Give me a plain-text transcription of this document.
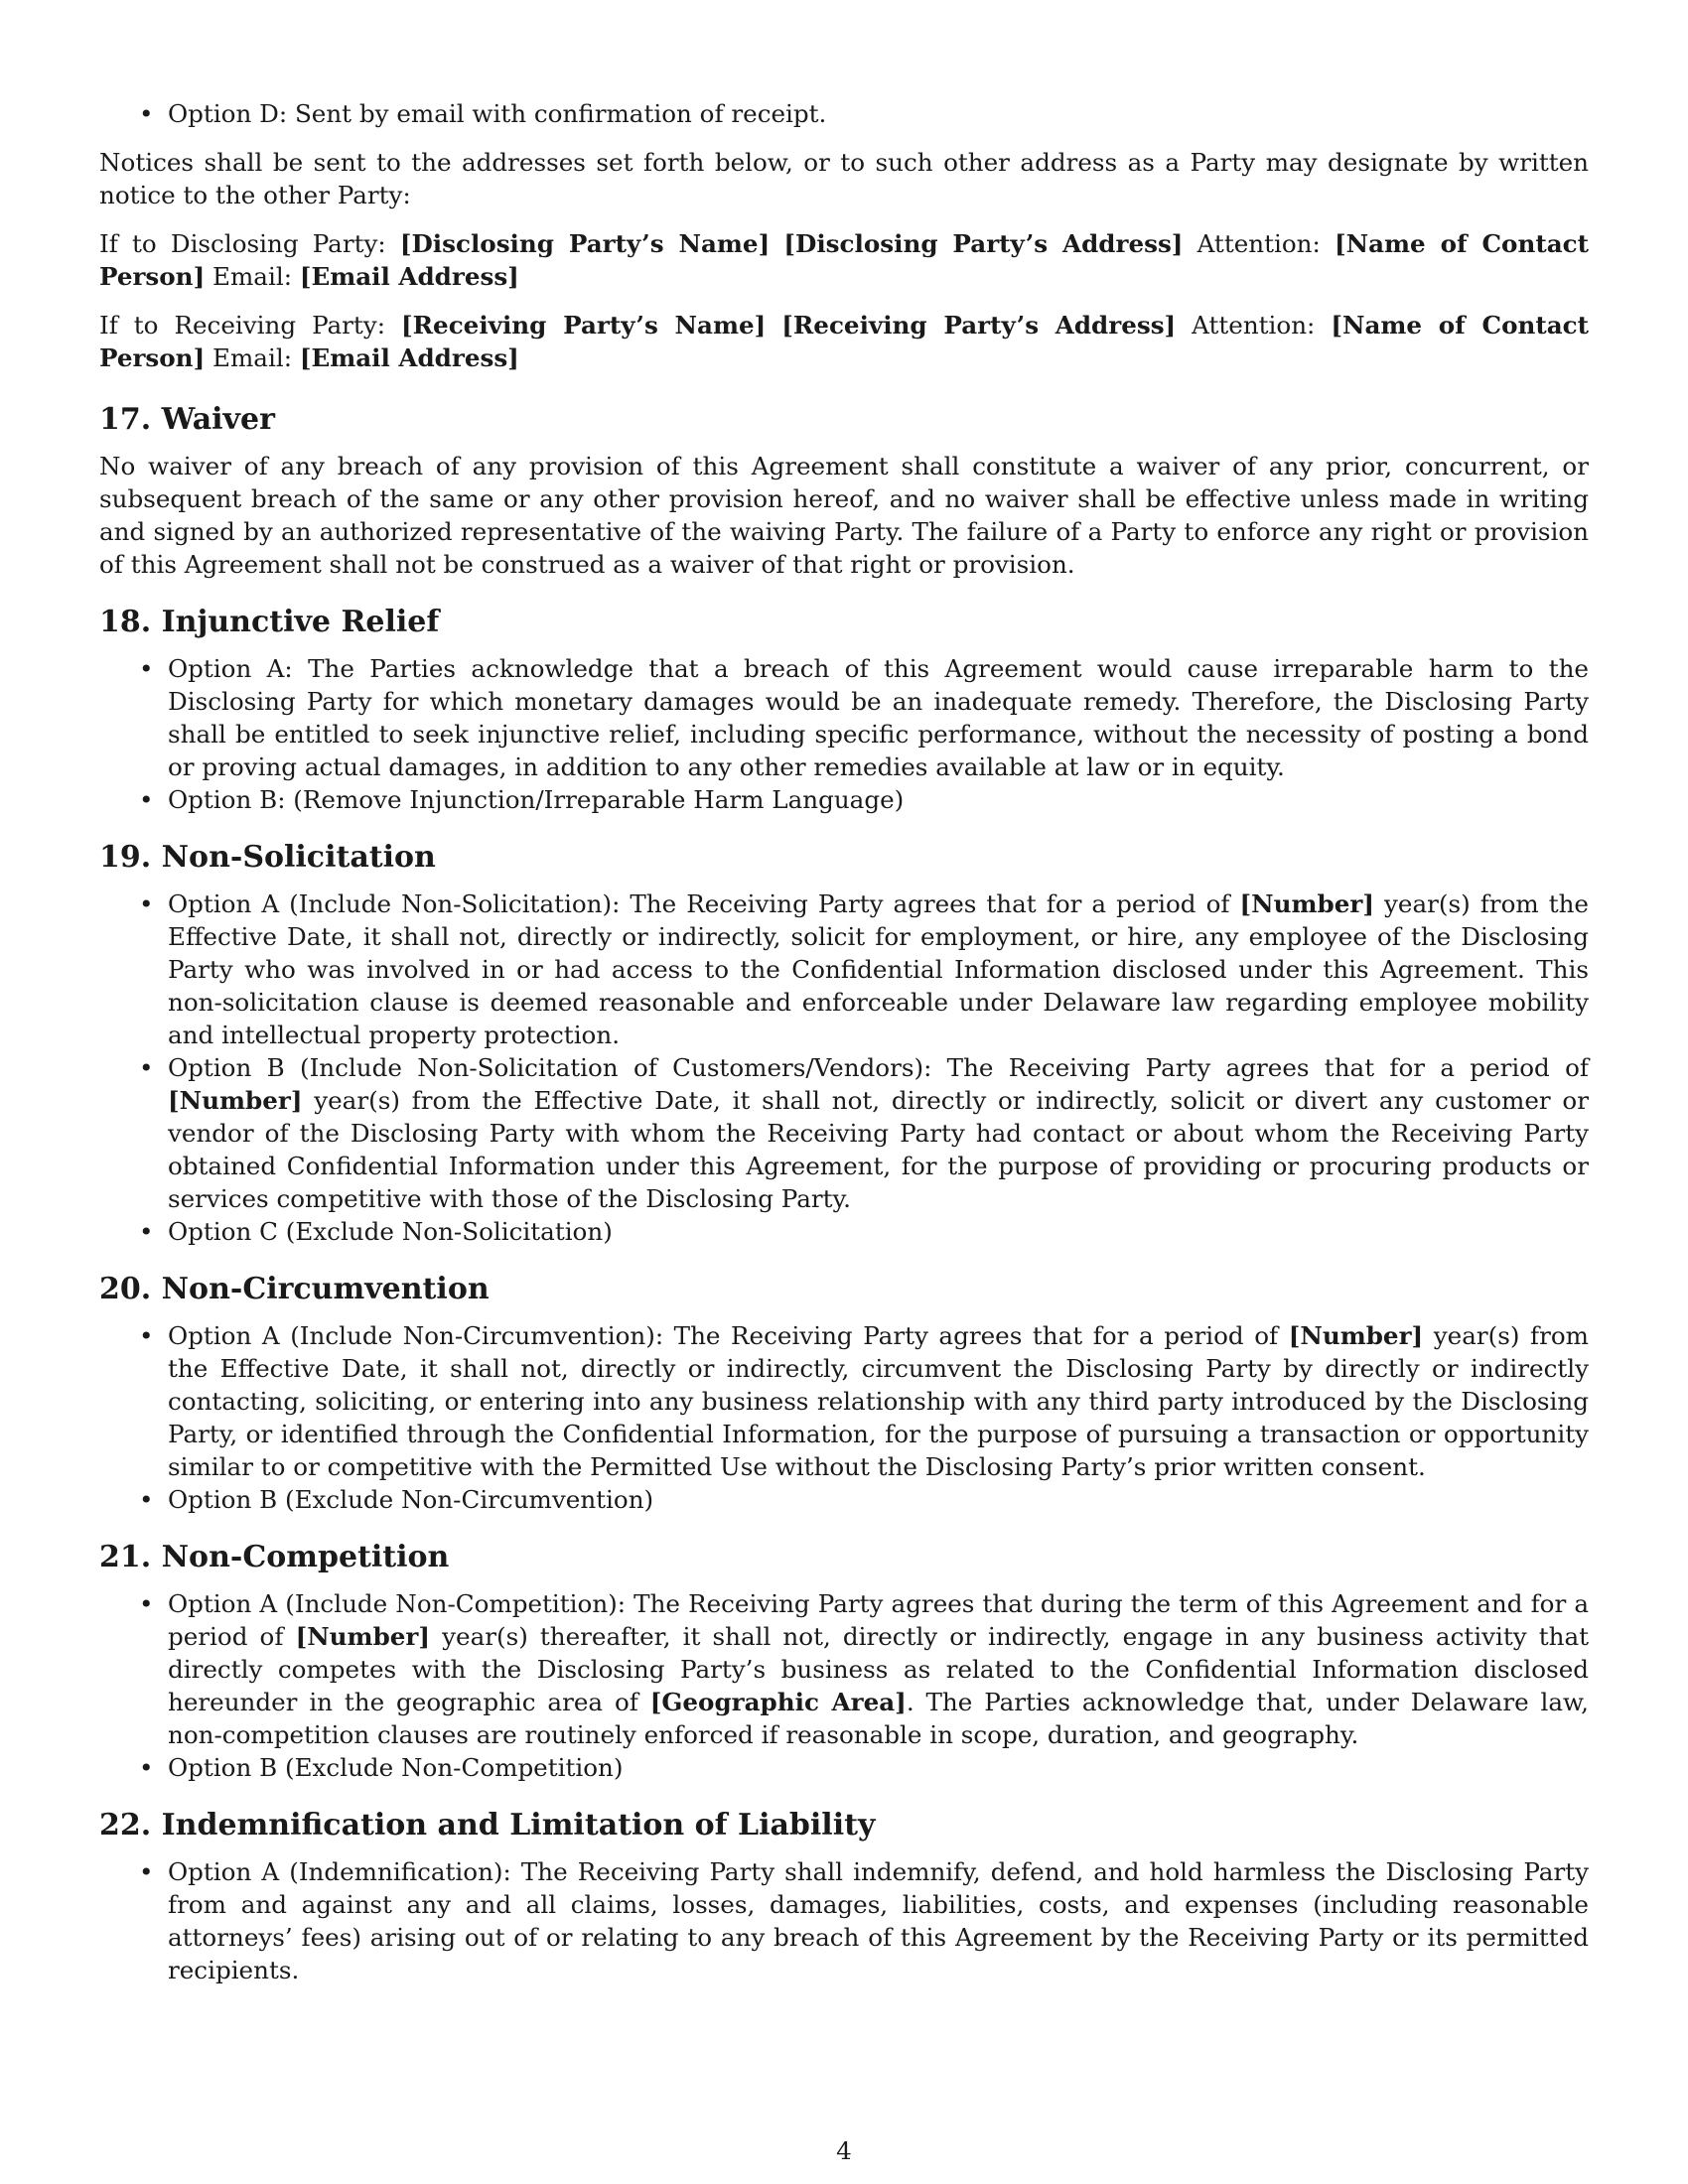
• Option D: Sent by email with confirmation of receipt.

Notices shall be sent to the addresses set forth below, or to such other address as a Party may designate by written notice to the other Party:

If to Disclosing Party: [Disclosing Party’s Name] [Disclosing Party’s Address] Attention: [Name of Contact Person] Email: [Email Address]

If to Receiving Party: [Receiving Party’s Name] [Receiving Party’s Address] Attention: [Name of Contact Person] Email: [Email Address]

17. Waiver

No waiver of any breach of any provision of this Agreement shall constitute a waiver of any prior, concurrent, or subsequent breach of the same or any other provision hereof, and no waiver shall be effective unless made in writing and signed by an authorized representative of the waiving Party. The failure of a Party to enforce any right or provision of this Agreement shall not be construed as a waiver of that right or provision.

18. Injunctive Relief
• Option A: The Parties acknowledge that a breach of this Agreement would cause irreparable harm to the Disclosing Party for which monetary damages would be an inadequate remedy. Therefore, the Disclosing Party shall be entitled to seek injunctive relief, including specific performance, without the necessity of posting a bond or proving actual damages, in addition to any other remedies available at law or in equity.
• Option B: (Remove Injunction/Irreparable Harm Language)
19. Non-Solicitation
• Option A (Include Non-Solicitation): The Receiving Party agrees that for a period of [Number] year(s) from the Effective Date, it shall not, directly or indirectly, solicit for employment, or hire, any employee of the Disclosing Party who was involved in or had access to the Confidential Information disclosed under this Agreement. This non-solicitation clause is deemed reasonable and enforceable under Delaware law regarding employee mobility and intellectual property protection.
• Option B (Include Non-Solicitation of Customers/Vendors): The Receiving Party agrees that for a period of [Number] year(s) from the Effective Date, it shall not, directly or indirectly, solicit or divert any customer or vendor of the Disclosing Party with whom the Receiving Party had contact or about whom the Receiving Party obtained Confidential Information under this Agreement, for the purpose of providing or procuring products or services competitive with those of the Disclosing Party.
• Option C (Exclude Non-Solicitation)
20. Non-Circumvention
• Option A (Include Non-Circumvention): The Receiving Party agrees that for a period of [Number] year(s) from the Effective Date, it shall not, directly or indirectly, circumvent the Disclosing Party by directly or indirectly contacting, soliciting, or entering into any business relationship with any third party introduced by the Disclosing Party, or identified through the Confidential Information, for the purpose of pursuing a transaction or opportunity similar to or competitive with the Permitted Use without the Disclosing Party’s prior written consent.
• Option B (Exclude Non-Circumvention)
21. Non-Competition
• Option A (Include Non-Competition): The Receiving Party agrees that during the term of this Agreement and for a period of [Number] year(s) thereafter, it shall not, directly or indirectly, engage in any business activity that directly competes with the Disclosing Party’s business as related to the Confidential Information disclosed hereunder in the geographic area of [Geographic Area]. The Parties acknowledge that, under Delaware law, non-competition clauses are routinely enforced if reasonable in scope, duration, and geography.
• Option B (Exclude Non-Competition)
22. Indemnification and Limitation of Liability
• Option A (Indemnification): The Receiving Party shall indemnify, defend, and hold harmless the Disclosing Party from and against any and all claims, losses, damages, liabilities, costs, and expenses (including reasonable attorneys’ fees) arising out of or relating to any breach of this Agreement by the Receiving Party or its permitted recipients.
4
